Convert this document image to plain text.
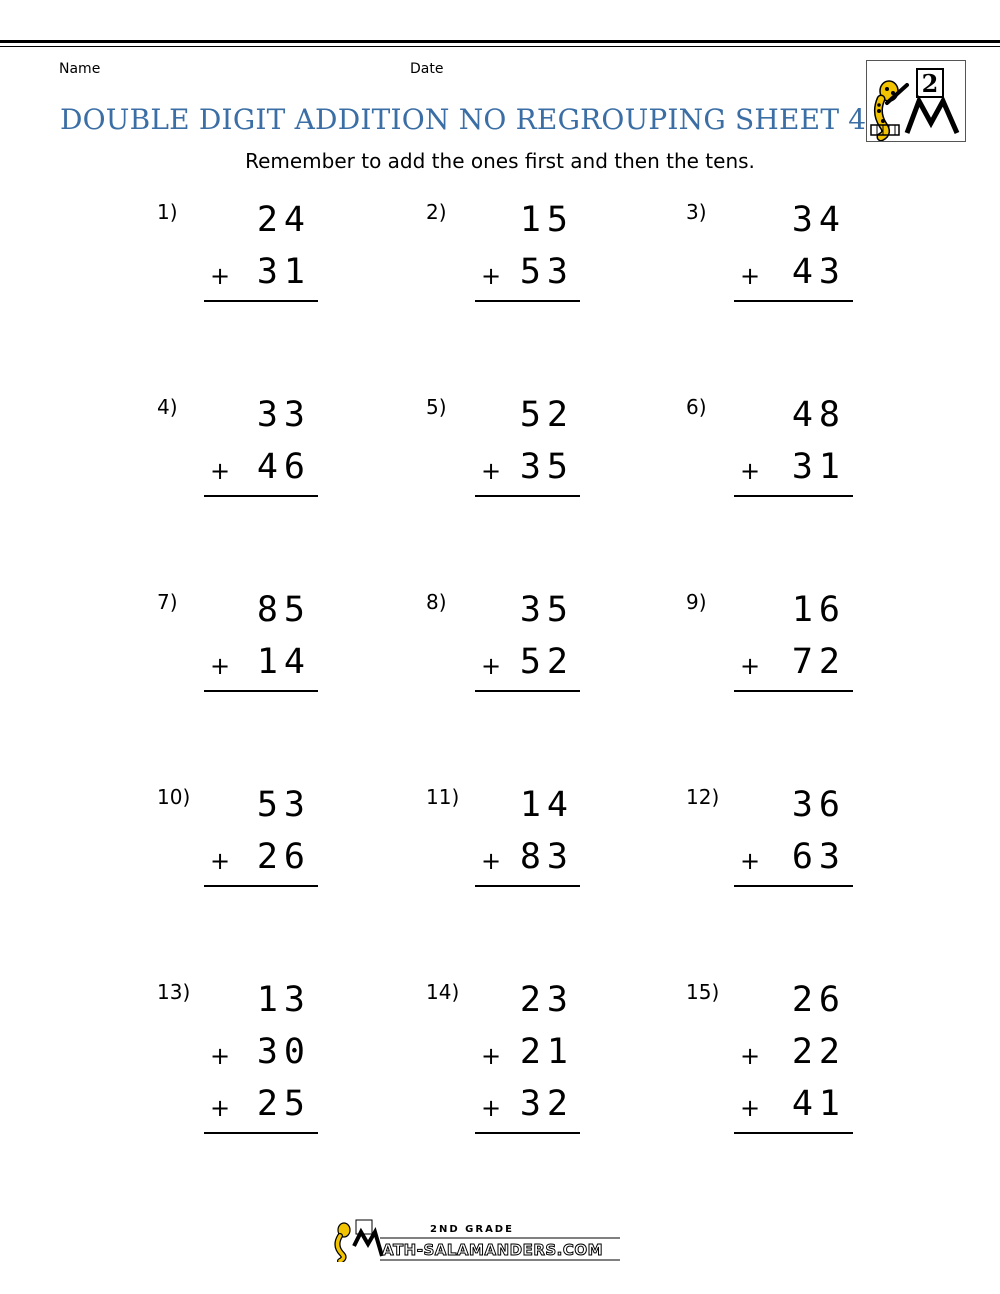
Name	Date
DOUBLE DIGIT ADDITION NO REGROUPING SHEET 4
Remember to add the ones first and then the tens.
2
1)	24
+ 31
2)	15
+ 53
3)	34
+ 43
4)	33
+ 46
5)	52
+ 35
6)	48
+ 31
7)	85
+ 14
8)	35
+ 52
9)	16
+ 72
10)	53
+ 26
11)	14
+ 83
12)	36
+ 63
13)	13
+ 30
+ 25
14)	23
+ 21
+ 32
15)	26
+ 22
+ 41
2ND GRADE
ATH-SALAMANDERS.COM
